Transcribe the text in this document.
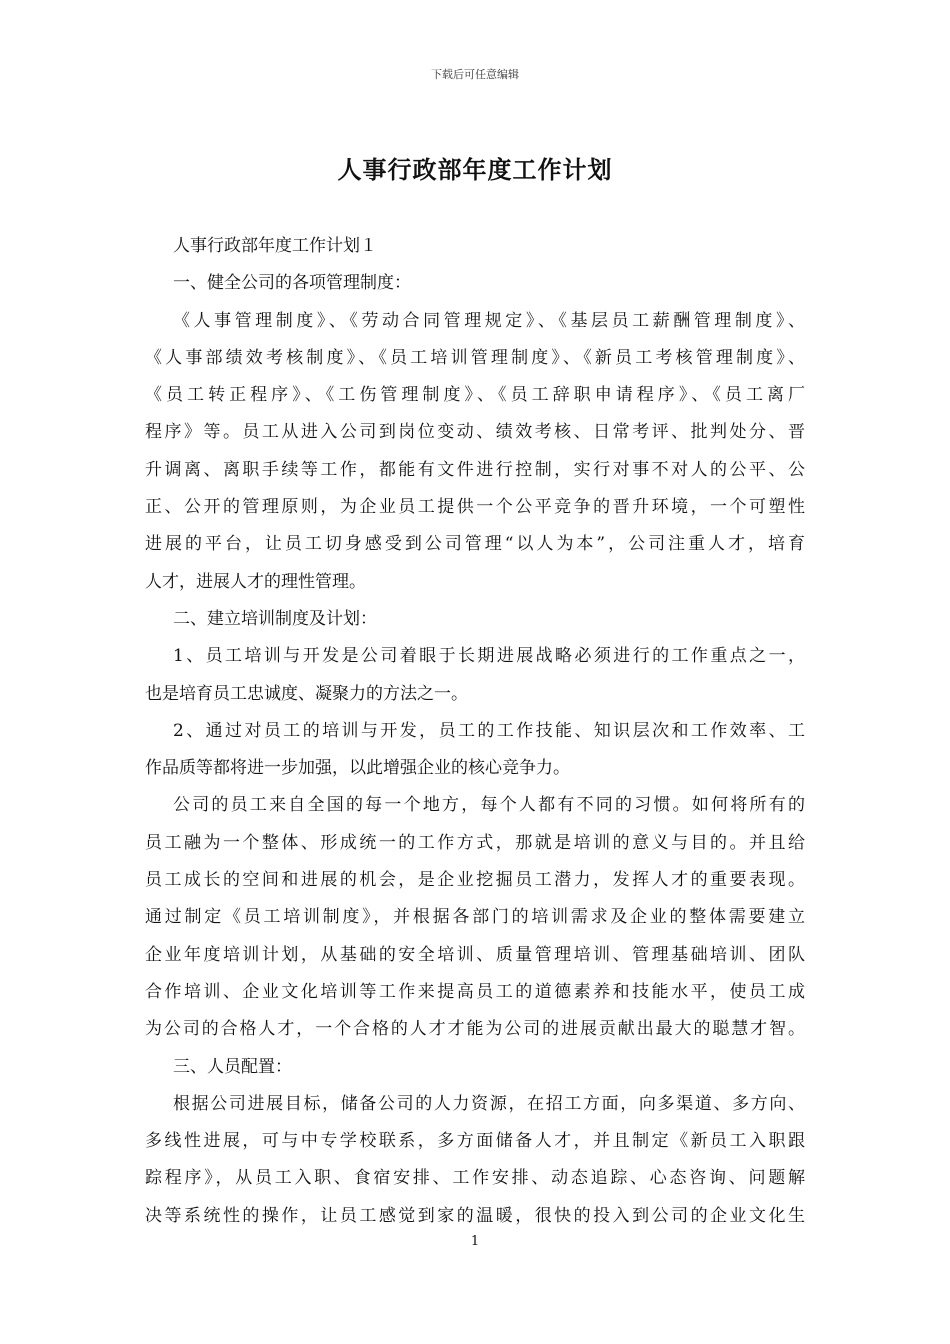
下载后可任意编辑
人事行政部年度工作计划
人事行政部年度工作计划１
一、健全公司的各项管理制度：
《人事管理制度》、《劳动合同管理规定》、《基层员工薪酬管理制度》、
《人事部绩效考核制度》、《员工培训管理制度》、《新员工考核管理制度》、
《员工转正程序》、《工伤管理制度》、《员工辞职申请程序》、《员工离厂
程序》等。员工从进入公司到岗位变动、绩效考核、日常考评、批判处分、晋
升调离、离职手续等工作，都能有文件进行控制，实行对事不对人的公平、公
正、公开的管理原则，为企业员工提供一个公平竞争的晋升环境，一个可塑性
进展的平台，让员工切身感受到公司管理“以人为本”，公司注重人才，培育
人才，进展人才的理性管理。
二、建立培训制度及计划：
1、员工培训与开发是公司着眼于长期进展战略必须进行的工作重点之一，
也是培育员工忠诚度、凝聚力的方法之一。
2、通过对员工的培训与开发，员工的工作技能、知识层次和工作效率、工
作品质等都将进一步加强，以此增强企业的核心竞争力。
公司的员工来自全国的每一个地方，每个人都有不同的习惯。如何将所有的
员工融为一个整体、形成统一的工作方式，那就是培训的意义与目的。并且给
员工成长的空间和进展的机会，是企业挖掘员工潜力，发挥人才的重要表现。
通过制定《员工培训制度》，并根据各部门的培训需求及企业的整体需要建立
企业年度培训计划，从基础的安全培训、质量管理培训、管理基础培训、团队
合作培训、企业文化培训等工作来提高员工的道德素养和技能水平，使员工成
为公司的合格人才，一个合格的人才才能为公司的进展贡献出最大的聪慧才智。
三、人员配置：
根据公司进展目标，储备公司的人力资源，在招工方面，向多渠道、多方向、
多线性进展，可与中专学校联系，多方面储备人才，并且制定《新员工入职跟
踪程序》，从员工入职、食宿安排、工作安排、动态追踪、心态咨询、问题解
决等系统性的操作，让员工感觉到家的温暖，很快的投入到公司的企业文化生
1
